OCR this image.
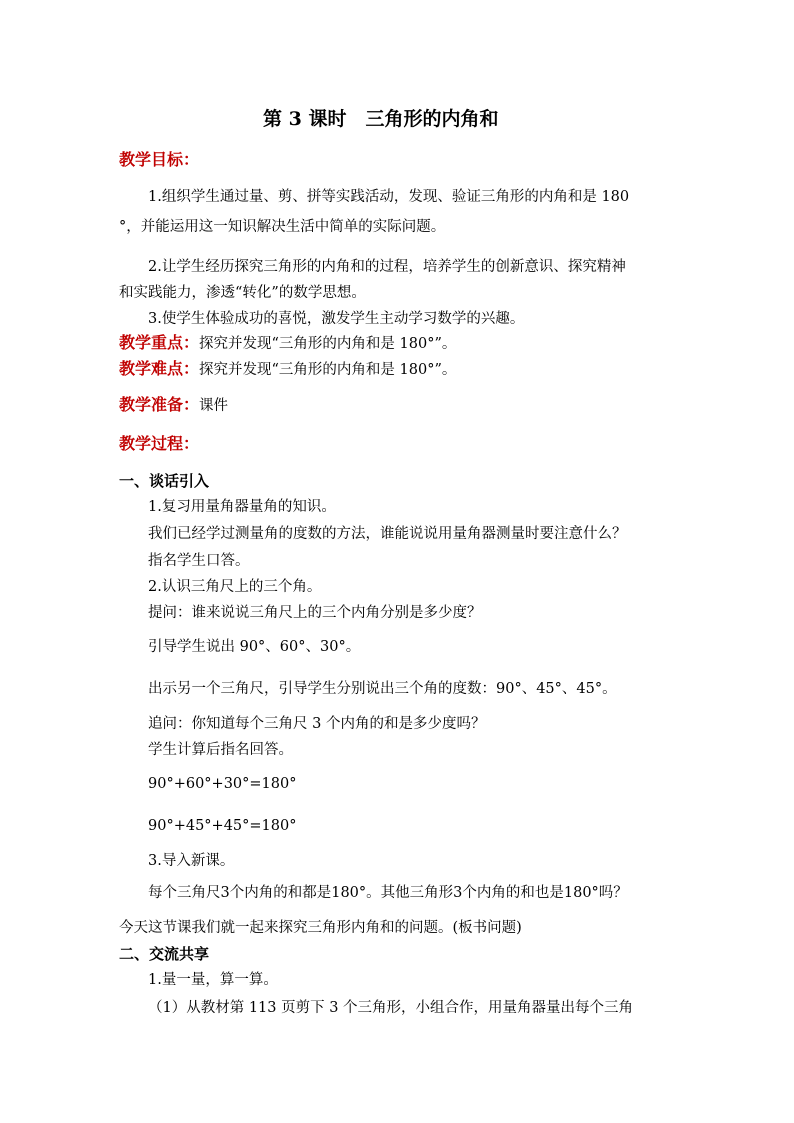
第 3 课时　三角形的内角和
教学目标：
1.组织学生通过量、剪、拼等实践活动，发现、验证三角形的内角和是 180
°，并能运用这一知识解决生活中简单的实际问题。
2.让学生经历探究三角形的内角和的过程，培养学生的创新意识、探究精神
和实践能力，渗透“转化”的数学思想。
3.使学生体验成功的喜悦，激发学生主动学习数学的兴趣。
教学重点：探究并发现“三角形的内角和是 180°”。
教学难点：探究并发现“三角形的内角和是 180°”。
教学准备：课件
教学过程：
一、谈话引入
1.复习用量角器量角的知识。
我们已经学过测量角的度数的方法，谁能说说用量角器测量时要注意什么？
指名学生口答。
2.认识三角尺上的三个角。
提问：谁来说说三角尺上的三个内角分别是多少度？
引导学生说出 90°、60°、30°。
出示另一个三角尺，引导学生分别说出三个角的度数：90°、45°、45°。
追问：你知道每个三角尺 3 个内角的和是多少度吗？
学生计算后指名回答。
90°+60°+30°=180°
90°+45°+45°=180°
3.导入新课。
每个三角尺3个内角的和都是180°。其他三角形3个内角的和也是180°吗？
今天这节课我们就一起来探究三角形内角和的问题。(板书问题)
二、交流共享
1.量一量，算一算。
（1）从教材第 113 页剪下 3 个三角形，小组合作，用量角器量出每个三角
